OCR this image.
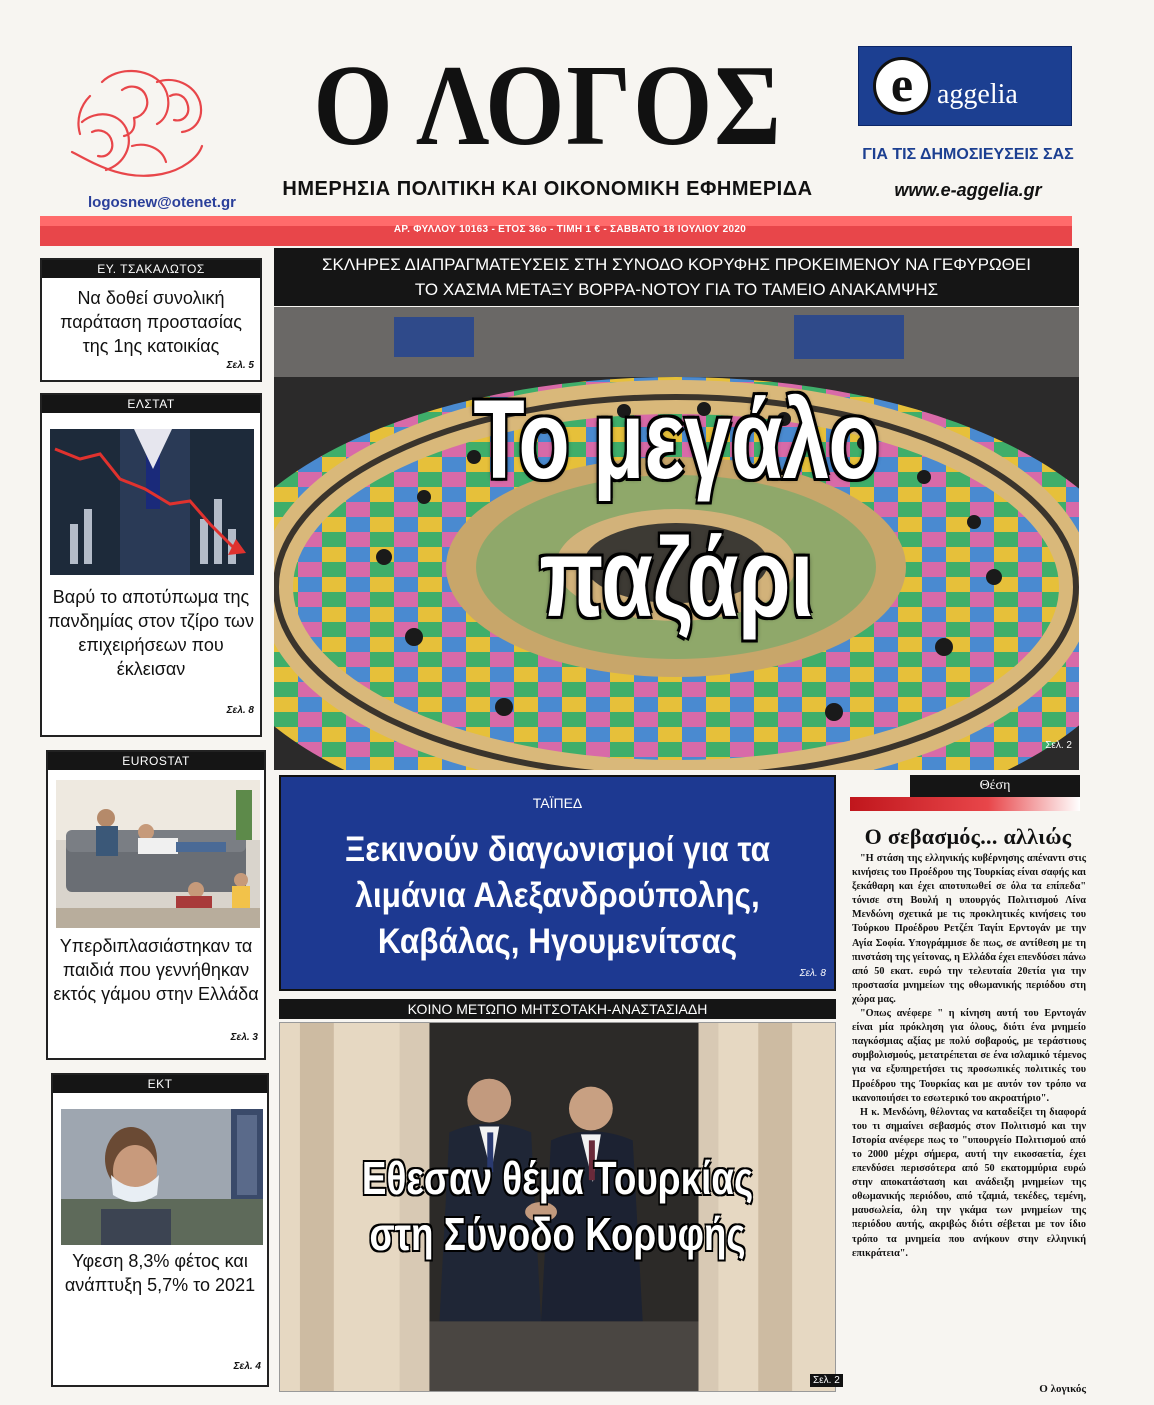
logosnew@otenet.gr
Ο ΛΟΓΟΣ
ΗΜΕΡΗΣΙΑ ΠΟΛΙΤΙΚΗ ΚΑΙ ΟΙΚΟΝΟΜΙΚΗ ΕΦΗΜΕΡΙΔΑ
e aggelia
ΓΙΑ ΤΙΣ ΔΗΜΟΣΙΕΥΣΕΙΣ ΣΑΣ
www.e-aggelia.gr
ΑΡ. ΦΥΛΛΟΥ 10163 - ΕΤΟΣ 36ο - ΤΙΜΗ 1 € - ΣΑΒΒΑΤΟ 18 ΙΟΥΛΙΟΥ 2020
ΕΥ. ΤΣΑΚΑΛΩΤΟΣ
Να δοθεί συνολική παράταση προστασίας της 1ης κατοικίας
Σελ. 5
ΕΛΣΤΑΤ
Βαρύ το αποτύπωμα της πανδημίας στον τζίρο των επιχειρήσεων που έκλεισαν
Σελ. 8
EUROSTAT
Υπερδιπλασιάστηκαν τα παιδιά που γεννήθηκαν εκτός γάμου στην Ελλάδα
Σελ. 3
ΕΚΤ
Υφεση 8,3% φέτος και ανάπτυξη 5,7% το 2021
Σελ. 4
ΣΚΛΗΡΕΣ ΔΙΑΠΡΑΓΜΑΤΕΥΣΕΙΣ ΣΤΗ ΣΥΝΟΔΟ ΚΟΡΥΦΗΣ ΠΡΟΚΕΙΜΕΝΟΥ ΝΑ ΓΕΦΥΡΩΘΕΙ
ΤΟ ΧΑΣΜΑ ΜΕΤΑΞΥ ΒΟΡΡΑ-ΝΟΤΟΥ ΓΙΑ ΤΟ ΤΑΜΕΙΟ ΑΝΑΚΑΜΨΗΣ
Το μεγάλο
παζάρι
Σελ. 2
ΤΑΪΠΕΔ
Ξεκινούν διαγωνισμοί για τα
λιμάνια Αλεξανδρούπολης,
Καβάλας, Ηγουμενίτσας
Σελ. 8
ΚΟΙΝΟ ΜΕΤΩΠΟ ΜΗΤΣΟΤΑΚΗ-ΑΝΑΣΤΑΣΙΑΔΗ
Εθεσαν θέμα Τουρκίας
στη Σύνοδο Κορυφής
Σελ. 2
Θέση
Ο σεβασμός... αλλιώς

"Η στάση της ελληνικής κυβέρνησης απέναντι στις κινήσεις του Προέδρου της Τουρκίας είναι σαφής και ξεκάθαρη και έχει αποτυπωθεί σε όλα τα επίπεδα" τόνισε στη Βουλή η υπουργός Πολιτισμού Λίνα Μενδώνη σχετικά με τις προκλητικές κινήσεις του Τούρκου Προέδρου Ρετζέπ Ταγίπ Ερντογάν με την Αγία Σοφία. Υπογράμμισε δε πως, σε αντίθεση με τη πινστάση της γείτονας, η Ελλάδα έχει επενδύσει πάνω από 50 εκατ. ευρώ την τελευταία 20ετία για την προστασία μνημείων της οθωμανικής περιόδου στη χώρα μας.

"Οπως ανέφερε " η κίνηση αυτή του Ερντογάν είναι μία πρόκληση για όλους, διότι ένα μνημείο παγκόσμιας αξίας με πολύ σοβαρούς, με τεράστιους συμβολισμούς, μετατρέπεται σε ένα ισλαμικό τέμενος για να εξυπηρετήσει τις προσωπικές πολιτικές του Προέδρου της Τουρκίας και με αυτόν τον τρόπο να ικανοποιήσει το εσωτερικό του ακροατήριο".

Η κ. Μενδώνη, θέλοντας να καταδείξει τη διαφορά του τι σημαίνει σεβασμός στον Πολιτισμό και την Ιστορία ανέφερε πως το "υπουργείο Πολιτισμού από το 2000 μέχρι σήμερα, αυτή την εικοσαετία, έχει επενδύσει περισσότερα από 50 εκατομμύρια ευρώ στην αποκατάσταση και ανάδειξη μνημείων της οθωμανικής περιόδου, από τζαμιά, τεκέδες, τεμένη, μαυσωλεία, όλη την γκάμα των μνημείων της περιόδου αυτής, ακριβώς διότι σέβεται με τον ίδιο τρόπο τα μνημεία που ανήκουν στην ελληνική επικράτεια".

Ο λογικός
